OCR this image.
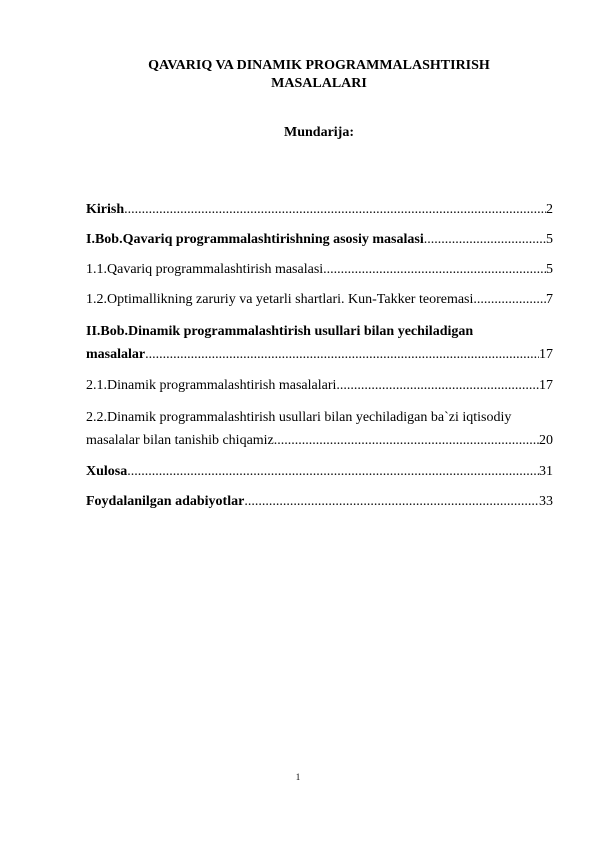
QAVARIQ VA DINAMIK PROGRAMMALASHTIRISH
MASALALARI
Mundarija:
Kirish .....	2
I.Bob.Qavariq programmalashtirishning asosiy masalasi .....	5
1.1.Qavariq programmalashtirish masalasi .....	5
1.2.Optimallikning zaruriy va yetarli shartlari. Kun-Takker teoremasi .....	7
II.Bob.Dinamik programmalashtirish usullari bilan yechiladigan
masalalar .....	17
2.1.Dinamik programmalashtirish masalalari .....	17
2.2.Dinamik programmalashtirish usullari bilan yechiladigan ba`zi iqtisodiy
masalalar bilan tanishib chiqamiz. .....	20
Xulosa .....	31
Foydalanilgan adabiyotlar .....	33
1
